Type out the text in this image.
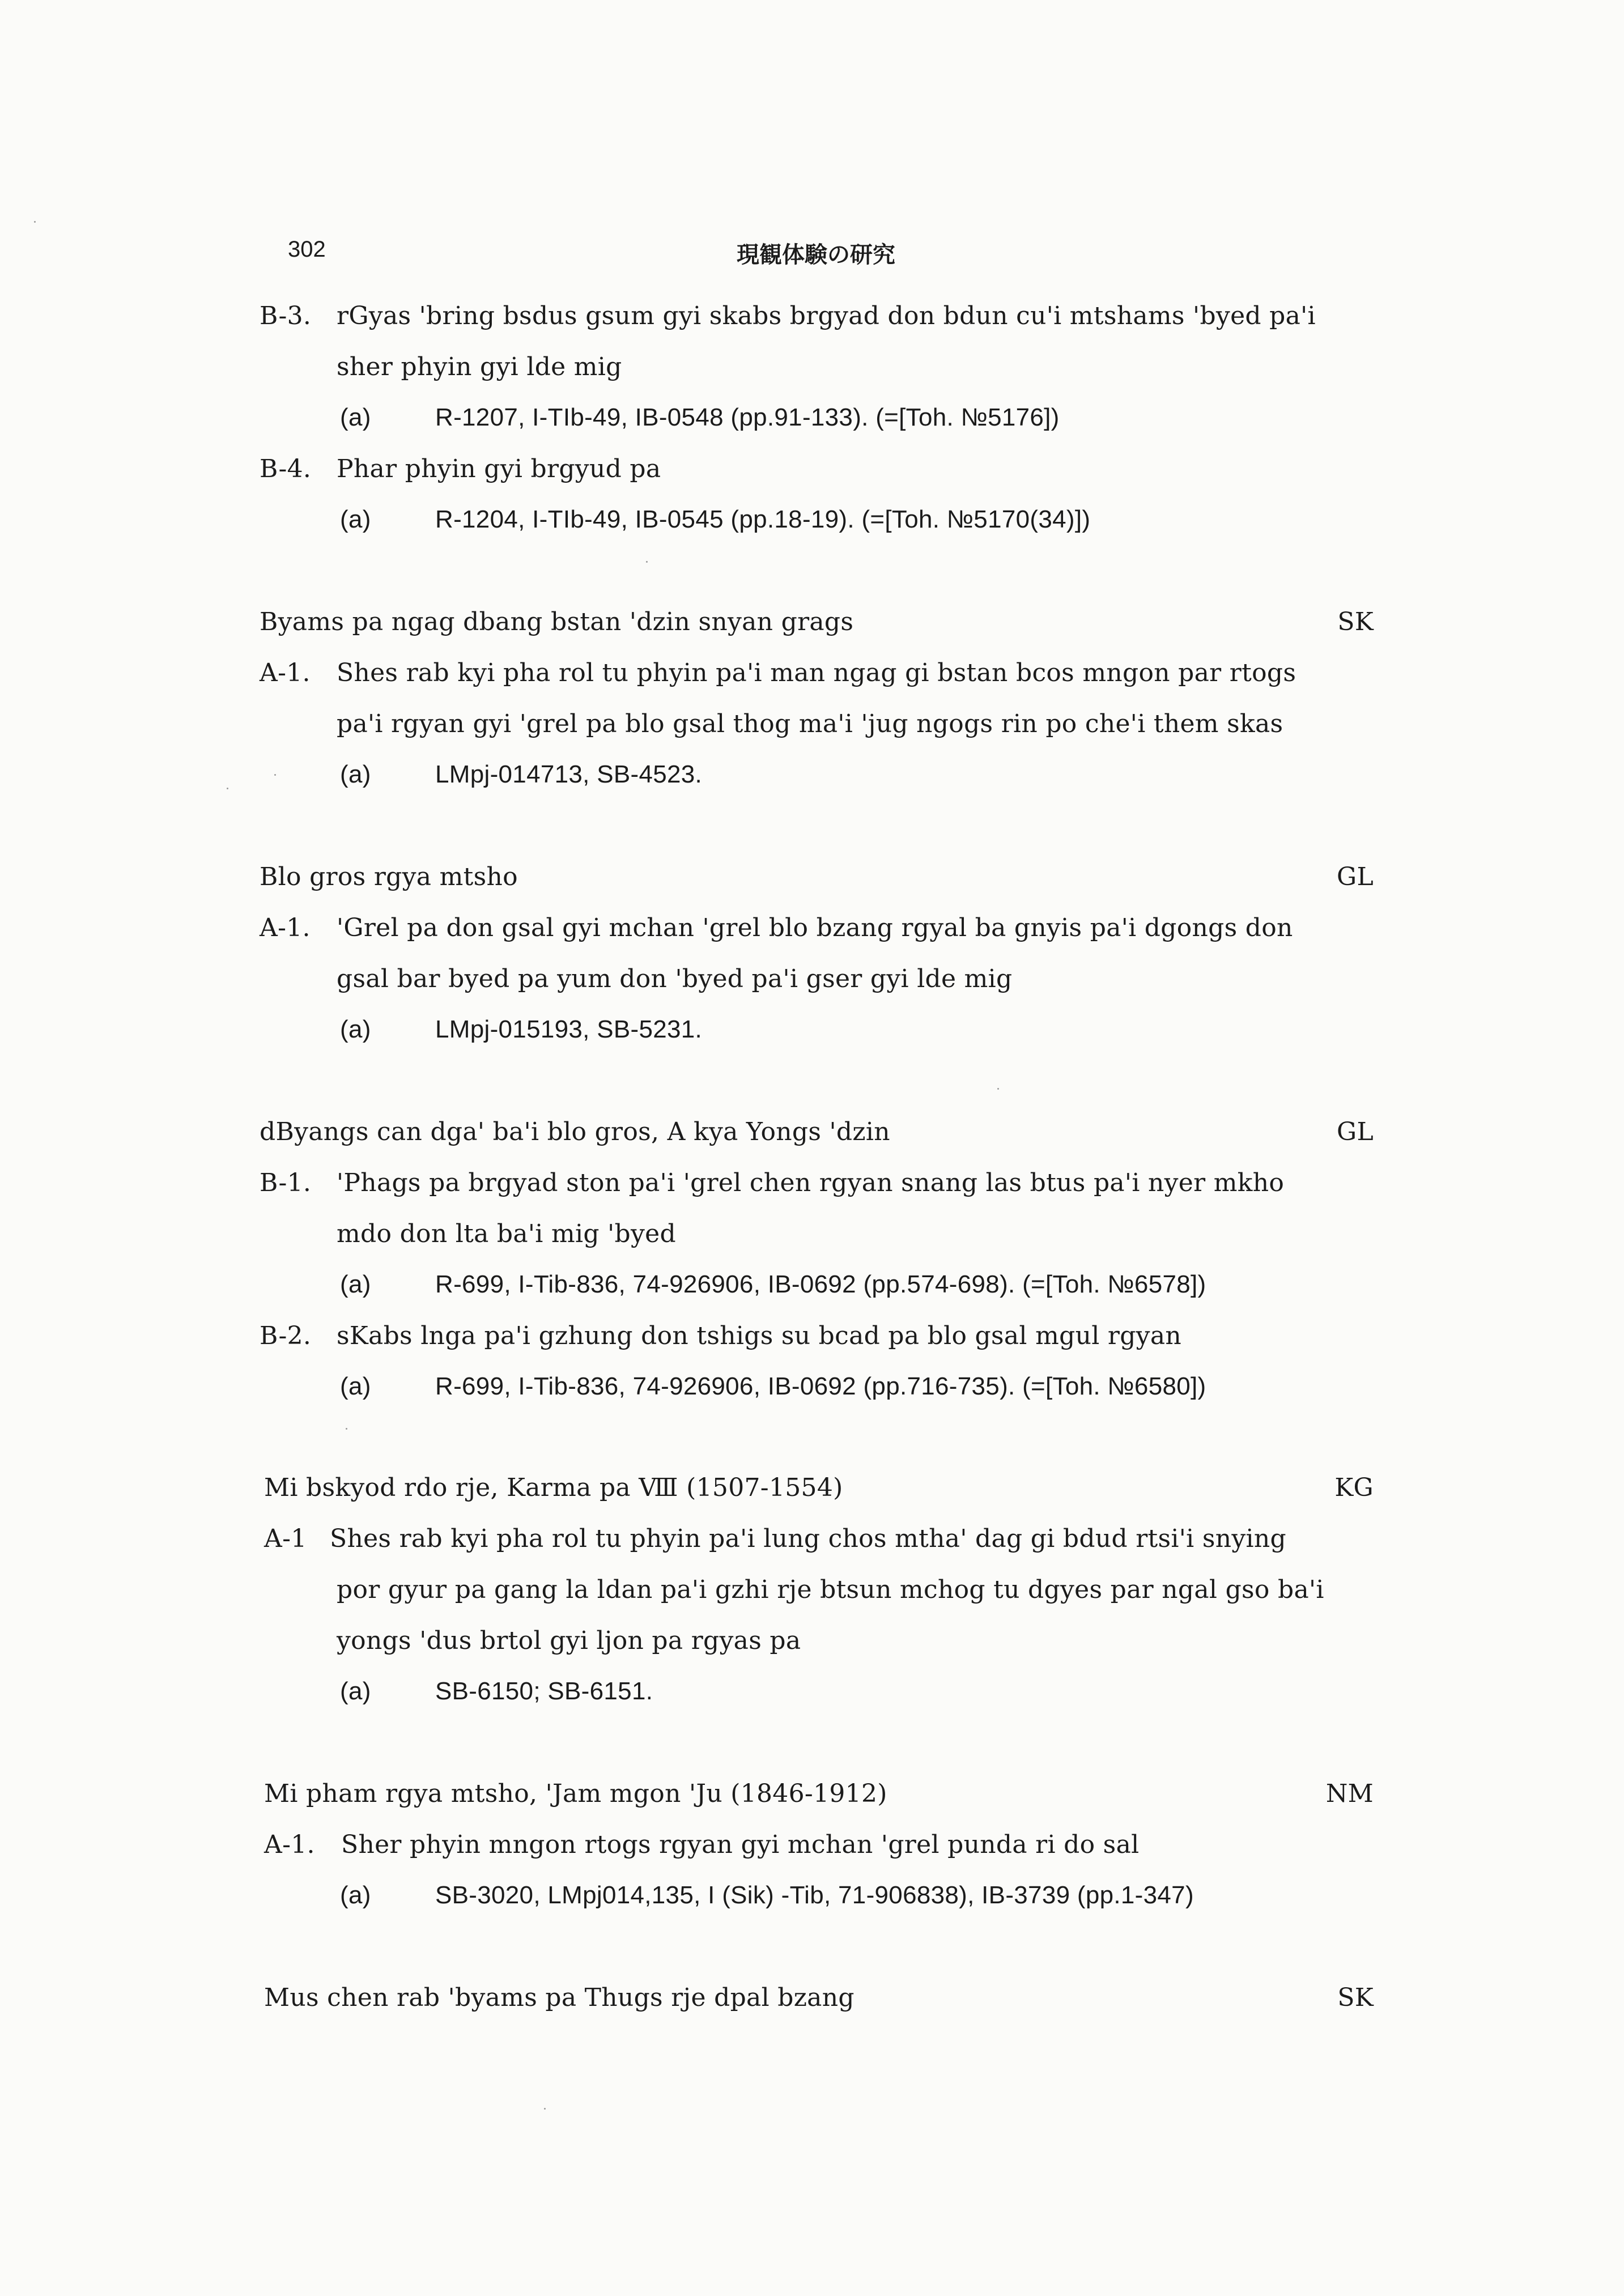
302	現観体験の研究
B-3. rGyas 'bring bsdus gsum gyi skabs brgyad don bdun cu'i mtshams 'byed pa'i
sher phyin gyi lde mig
(a)	R-1207, I-TIb-49, IB-0548 (pp.91-133). (=[Toh. №5176])
B-4. Phar phyin gyi brgyud pa
(a)	R-1204, I-TIb-49, IB-0545 (pp.18-19). (=[Toh. №5170(34)])
Byams pa ngag dbang bstan 'dzin snyan grags	SK
A-1. Shes rab kyi pha rol tu phyin pa'i man ngag gi bstan bcos mngon par rtogs
pa'i rgyan gyi 'grel pa blo gsal thog ma'i 'jug ngogs rin po che'i them skas
(a)	LMpj-014713, SB-4523.
Blo gros rgya mtsho	GL
A-1. 'Grel pa don gsal gyi mchan 'grel blo bzang rgyal ba gnyis pa'i dgongs don
gsal bar byed pa yum don 'byed pa'i gser gyi lde mig
(a)	LMpj-015193, SB-5231.
dByangs can dga' ba'i blo gros, A kya Yongs 'dzin	GL
B-1. 'Phags pa brgyad ston pa'i 'grel chen rgyan snang las btus pa'i nyer mkho
mdo don lta ba'i mig 'byed
(a)	R-699, I-Tib-836, 74-926906, IB-0692 (pp.574-698). (=[Toh. №6578])
B-2. sKabs lnga pa'i gzhung don tshigs su bcad pa blo gsal mgul rgyan
(a)	R-699, I-Tib-836, 74-926906, IB-0692 (pp.716-735). (=[Toh. №6580])
Mi bskyod rdo rje, Karma pa Ⅷ (1507-1554)	KG
A-1 Shes rab kyi pha rol tu phyin pa'i lung chos mtha' dag gi bdud rtsi'i snying
por gyur pa gang la ldan pa'i gzhi rje btsun mchog tu dgyes par ngal gso ba'i
yongs 'dus brtol gyi ljon pa rgyas pa
(a)	SB-6150; SB-6151.
Mi pham rgya mtsho, 'Jam mgon 'Ju (1846-1912)	NM
A-1. Sher phyin mngon rtogs rgyan gyi mchan 'grel punda ri do sal
(a)	SB-3020, LMpj014,135, I (Sik) -Tib, 71-906838), IB-3739 (pp.1-347)
Mus chen rab 'byams pa Thugs rje dpal bzang	SK
